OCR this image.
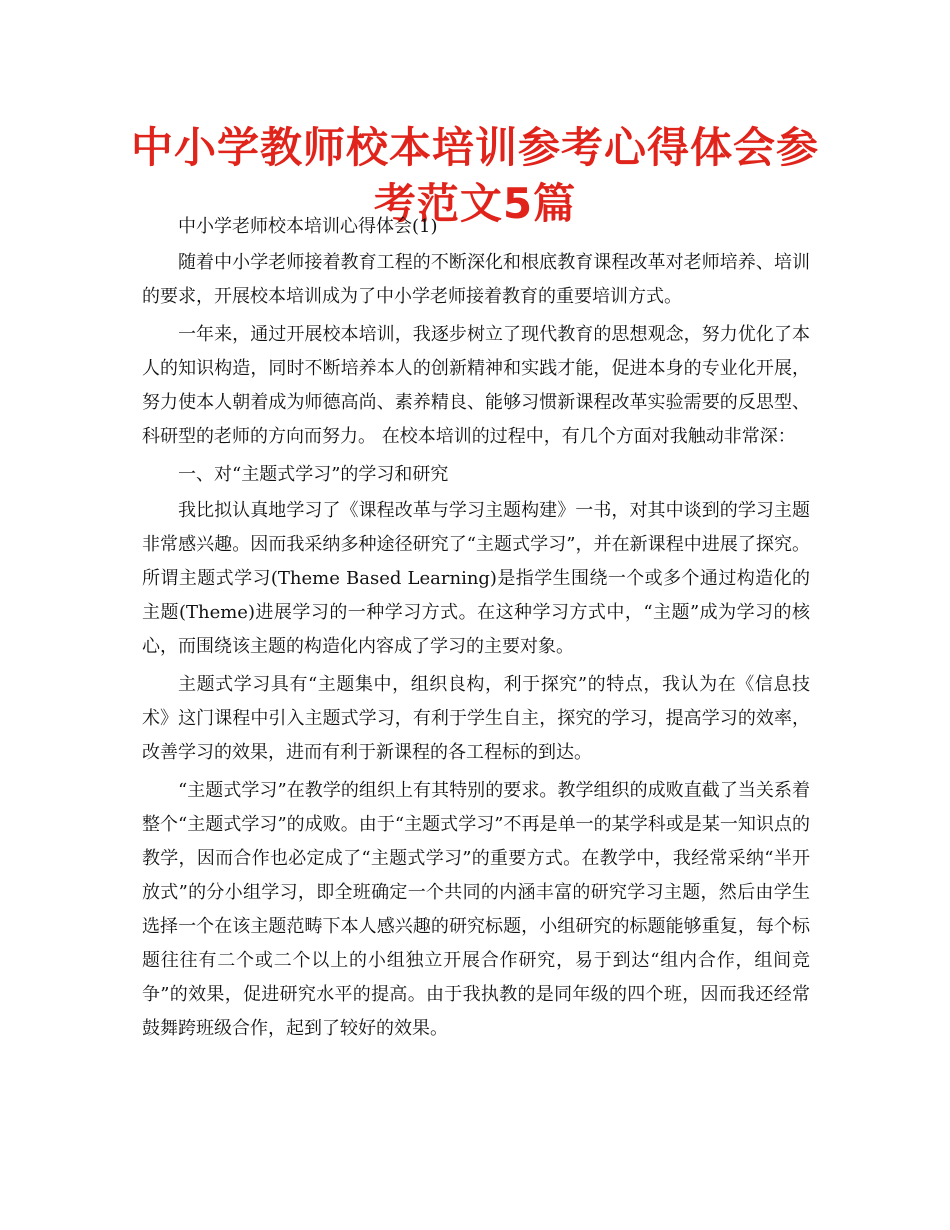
中小学教师校本培训参考心得体会参考范文5篇

中小学老师校本培训心得体会(1)

随着中小学老师接着教育工程的不断深化和根底教育课程改革对老师培养、培训的要求，开展校本培训成为了中小学老师接着教育的重要培训方式。

一年来，通过开展校本培训，我逐步树立了现代教育的思想观念，努力优化了本人的知识构造，同时不断培养本人的创新精神和实践才能，促进本身的专业化开展，努力使本人朝着成为师德高尚、素养精良、能够习惯新课程改革实验需要的反思型、科研型的老师的方向而努力。 在校本培训的过程中，有几个方面对我触动非常深：

一、对“主题式学习”的学习和研究

我比拟认真地学习了《课程改革与学习主题构建》一书，对其中谈到的学习主题非常感兴趣。因而我采纳多种途径研究了“主题式学习”，并在新课程中进展了探究。 所谓主题式学习(Theme Based Learning)是指学生围绕一个或多个通过构造化的主题(Theme)进展学习的一种学习方式。在这种学习方式中，“主题”成为学习的核心，而围绕该主题的构造化内容成了学习的主要对象。

主题式学习具有“主题集中，组织良构，利于探究”的特点，我认为在《信息技术》这门课程中引入主题式学习，有利于学生自主，探究的学习，提高学习的效率，改善学习的效果，进而有利于新课程的各工程标的到达。

“主题式学习”在教学的组织上有其特别的要求。教学组织的成败直截了当关系着整个“主题式学习”的成败。由于“主题式学习”不再是单一的某学科或是某一知识点的教学，因而合作也必定成了“主题式学习”的重要方式。在教学中，我经常采纳“半开放式”的分小组学习，即全班确定一个共同的内涵丰富的研究学习主题，然后由学生选择一个在该主题范畴下本人感兴趣的研究标题，小组研究的标题能够重复，每个标题往往有二个或二个以上的小组独立开展合作研究，易于到达“组内合作，组间竞争”的效果，促进研究水平的提高。由于我执教的是同年级的四个班，因而我还经常鼓舞跨班级合作，起到了较好的效果。
